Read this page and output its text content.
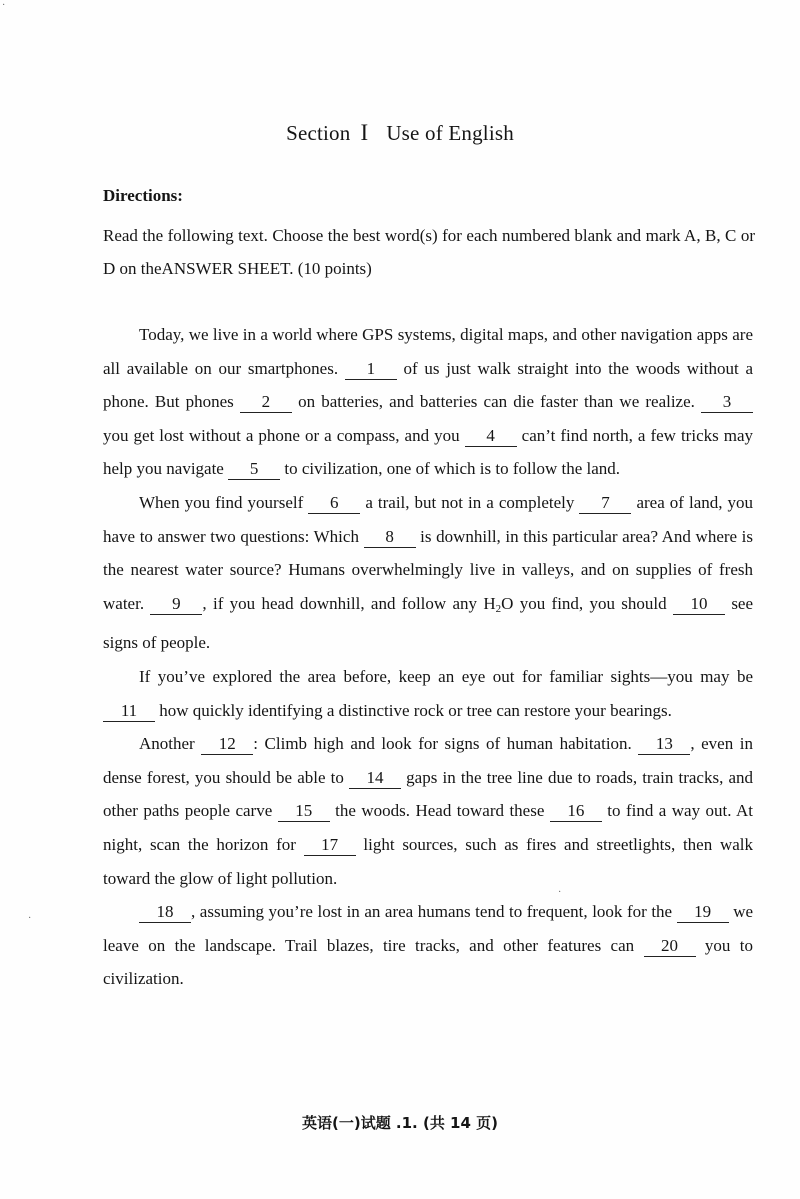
Section I Use of English
Directions:
Read the following text. Choose the best word(s) for each numbered blank and mark A, B, C or D on theANSWER SHEET. (10 points)

Today, we live in a world where GPS systems, digital maps, and other navigation apps are all available on our smartphones. 1 of us just walk straight into the woods without a phone. But phones 2 on batteries, and batteries can die faster than we realize. 3 you get lost without a phone or a compass, and you 4 can’t find north, a few tricks may help you navigate 5 to civilization, one of which is to follow the land.

When you find yourself 6 a trail, but not in a completely 7 area of land, you have to answer two questions: Which 8 is downhill, in this particular area? And where is the nearest water source? Humans overwhelmingly live in valleys, and on supplies of fresh water. 9 , if you head downhill, and follow any $H_2O$ you find, you should 10 see signs of people.

If you’ve explored the area before, keep an eye out for familiar sights—you may be 11 how quickly identifying a distinctive rock or tree can restore your bearings.

Another 12 : Climb high and look for signs of human habitation. 13 , even in dense forest, you should be able to 14 gaps in the tree line due to roads, train tracks, and other paths people carve 15 the woods. Head toward these 16 to find a way out. At night, scan the horizon for 17 light sources, such as fires and streetlights, then walk toward the glow of light pollution.

18 , assuming you’re lost in an area humans tend to frequent, look for the 19 we leave on the landscape. Trail blazes, tire tracks, and other features can 20 you to civilization.

英语(一)试题 .1. (共 14 页)
·
·
·
